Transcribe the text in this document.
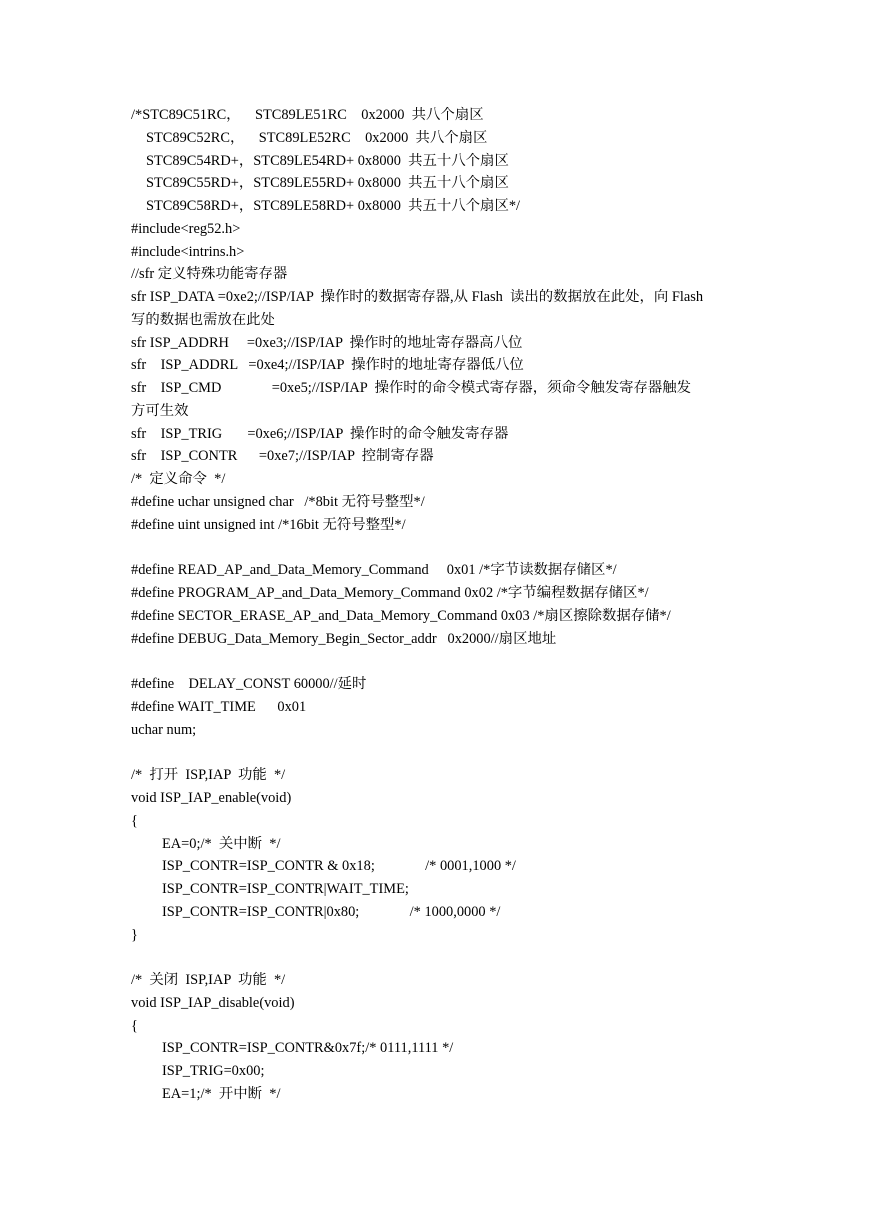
/*STC89C51RC，    STC89LE51RC    0x2000  共八个扇区
STC89C52RC，    STC89LE52RC    0x2000  共八个扇区
STC89C54RD+，STC89LE54RD+ 0x8000  共五十八个扇区
STC89C55RD+，STC89LE55RD+ 0x8000  共五十八个扇区
STC89C58RD+，STC89LE58RD+ 0x8000  共五十八个扇区*/
#include<reg52.h>
#include<intrins.h>
//sfr 定义特殊功能寄存器
sfr ISP_DATA =0xe2;//ISP/IAP  操作时的数据寄存器,从 Flash  读出的数据放在此处，向 Flash
写的数据也需放在此处
sfr ISP_ADDRH     =0xe3;//ISP/IAP  操作时的地址寄存器高八位
sfr    ISP_ADDRL   =0xe4;//ISP/IAP  操作时的地址寄存器低八位
sfr    ISP_CMD              =0xe5;//ISP/IAP  操作时的命令模式寄存器，须命令触发寄存器触发
方可生效
sfr    ISP_TRIG       =0xe6;//ISP/IAP  操作时的命令触发寄存器
sfr    ISP_CONTR      =0xe7;//ISP/IAP  控制寄存器
/*  定义命令  */
#define uchar unsigned char   /*8bit 无符号整型*/
#define uint unsigned int /*16bit 无符号整型*/
#define READ_AP_and_Data_Memory_Command     0x01 /*字节读数据存储区*/
#define PROGRAM_AP_and_Data_Memory_Command 0x02 /*字节编程数据存储区*/
#define SECTOR_ERASE_AP_and_Data_Memory_Command 0x03 /*扇区擦除数据存储*/
#define DEBUG_Data_Memory_Begin_Sector_addr   0x2000//扇区地址
#define    DELAY_CONST 60000//延时
#define WAIT_TIME      0x01
uchar num;
/*  打开  ISP,IAP  功能  */
void ISP_IAP_enable(void)
{
EA=0;/*  关中断  */
ISP_CONTR=ISP_CONTR & 0x18;              /* 0001,1000 */
ISP_CONTR=ISP_CONTR|WAIT_TIME;
ISP_CONTR=ISP_CONTR|0x80;              /* 1000,0000 */
}
/*  关闭  ISP,IAP  功能  */
void ISP_IAP_disable(void)
{
ISP_CONTR=ISP_CONTR&0x7f;/* 0111,1111 */
ISP_TRIG=0x00;
EA=1;/*  开中断  */
